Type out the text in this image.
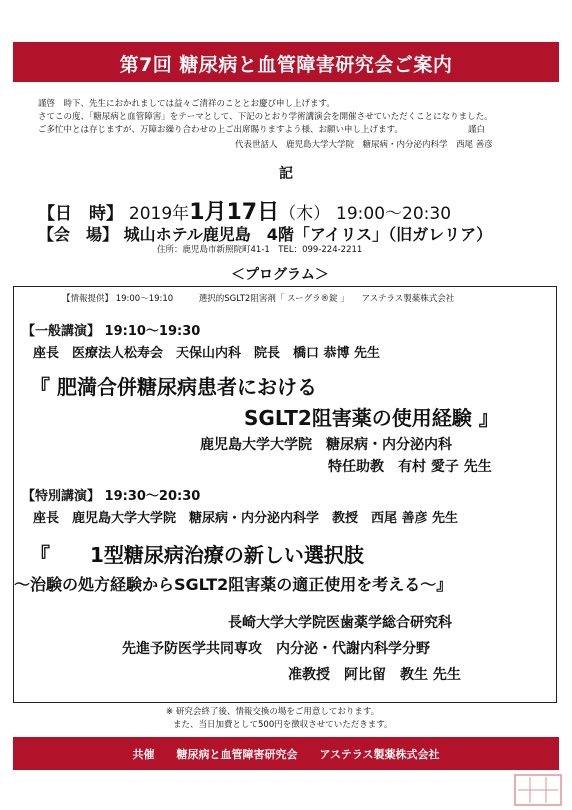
第7回 糖尿病と血管障害研究会ご案内
謹啓　時下、先生におかれましては益々ご清祥のこととお慶び申し上げます。
さてこの度、「糖尿病と血管障害」をテーマとして、下記のとおり学術講演会を開催させていただくことになりました。
ご多忙中とは存じますが、万障お繰り合わせの上ご出席賜りますよう様、お願い申し上げます。	謹白
代表世話人　鹿児島大学大学院　糖尿病・内分泌内科学　西尾 善彦
記
【日　時】 2019年1月17日（木） 19:00～20:30
【会　場】 城山ホテル鹿児島　4階「アイリス」（旧ガレリア）
住所：鹿児島市新照院町41-1　TEL：099-224-2211
＜プログラム＞
【情報提供】 19:00～19:10　　　選択的SGLT2阻害剤「 スーグラ®錠 」　　アステラス製薬株式会社
【一般講演】 19:10～19:30
座長　医療法人松寿会　天保山内科　院長　橋口 恭博 先生
『 肥満合併糖尿病患者における
SGLT2阻害薬の使用経験 』
鹿児島大学大学院　糖尿病・内分泌内科
特任助教　有村 愛子 先生
【特別講演】 19:30～20:30
座長　鹿児島大学大学院　糖尿病・内分泌内科学　教授　西尾 善彦 先生
『　　1型糖尿病治療の新しい選択肢
～治験の処方経験からSGLT2阻害薬の適正使用を考える～』
長崎大学大学院医歯薬学総合研究科
先進予防医学共同専攻　内分泌・代謝内科学分野
准教授　阿比留　教生 先生
※ 研究会終了後、情報交換の場をご用意しております。
また、当日加費として500円を徴収させていただきます。
共催　　糖尿病と血管障害研究会　　アステラス製薬株式会社
